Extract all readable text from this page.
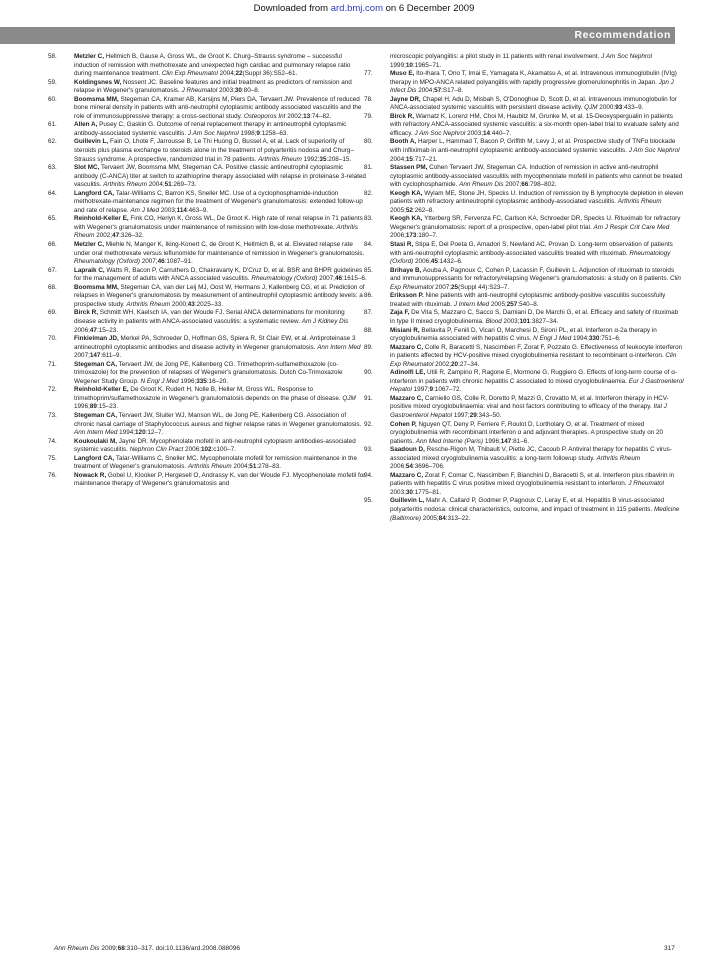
Downloaded from ard.bmj.com on 6 December 2009
Recommendation

58.	Metzler C, Hellmich B, Gause A, Gross WL, de Groot K. Churg–Strauss syndrome – successful induction of remission with methotrexate and unexpected high cardiac and pulmonary relapse ratio during maintenance treatment. Clin Exp Rheumatol 2004;22(Suppl 36):S52–61.

59.	Koldingsnes W, Nossent JC. Baseline features and initial treatment as predictors of remission and relapse in Wegener's granulomatosis. J Rheumatol 2003;30:80–8.

60.	Boomsma MM, Stegeman CA, Kramer AB, Karsijns M, Piers DA, Tervaert JW. Prevalence of reduced bone mineral density in patients with anti-neutrophil cytoplasmic antibody associated vasculitis and the role of immunosuppressive therapy: a cross-sectional study. Osteoporos Int 2002;13:74–82.

61.	Allen A, Pusey C, Gaskin G. Outcome of renal replacement therapy in antineutrophil cytoplasmic antibody-associated systemic vasculitis. J Am Soc Nephrol 1998;9:1258–63.

62.	Guillevin L, Fain O, Lhote F, Jarrousse B, Le Thi Huong D, Bussel A, et al. Lack of superiority of steroids plus plasma exchange to steroids alone in the treatment of polyarteritis nodosa and Churg–Strauss syndrome. A prospective, randomized trial in 78 patients. Arthritis Rheum 1992;35:208–15.

63.	Slot MC, Tervaert JW, Boomsma MM, Stegeman CA. Positive classic antineutrophil cytoplasmic antibody (C-ANCA) titer at switch to azathioprine therapy associated with relapse in proteinase 3-related vasculitis. Arthritis Rheum 2004;51:269–73.

64.	Langford CA, Talar-Williams C, Barron KS, Sneller MC. Use of a cyclophosphamide-induction methotrexate-maintenance regimen for the treatment of Wegener's granulomatosis: extended follow-up and rate of relapse. Am J Med 2003;114:463–9.

65.	Reinhold-Keller E, Fink CO, Herlyn K, Gross WL, De Groot K. High rate of renal relapse in 71 patients with Wegener's granulomatosis under maintenance of remission with low-dose methotrexate. Arthritis Rheum 2002;47:326–32.

66.	Metzler C, Miehle N, Manger K, Iking-Konert C, de Groot K, Hellmich B, et al. Elevated relapse rate under oral methotrexate versus leflunomide for maintenance of remission in Wegener's granulomatosis. Rheumatology (Oxford) 2007;46:1087–91.

67.	Lapraik C, Watts R, Bacon P, Carruthers D, Chakravarty K, D'Cruz D, et al. BSR and BHPR guidelines for the management of adults with ANCA associated vasculitis. Rheumatology (Oxford) 2007;46:1615–6.

68.	Boomsma MM, Stegeman CA, van der Leij MJ, Oost W, Hermans J, Kallenberg CG, et al. Prediction of relapses in Wegener's granulomatosis by measurement of antineutrophil cytoplasmic antibody levels: a prospective study. Arthritis Rheum 2000;43:2025–33.

69.	Birck R, Schmitt WH, Kaelsch IA, van der Woude FJ. Serial ANCA determinations for monitoring disease activity in patients with ANCA-associated vasculitis: a systematic review. Am J Kidney Dis 2006;47:15–23.

70.	Finkielman JD, Merkel PA, Schroeder D, Hoffman GS, Spiera R, St Clair EW, et al. Antiproteinase 3 antineutrophil cytoplasmic antibodies and disease activity in Wegener granulomatosis. Ann Intern Med 2007;147:611–9.

71.	Stegeman CA, Tervaert JW, de Jong PE, Kallenberg CG. Trimethoprim-sulfamethoxazole (co-trimoxazole) for the prevention of relapses of Wegener's granulomatosis. Dutch Co-Trimoxazole Wegener Study Group. N Engl J Med 1996;335:16–20.

72.	Reinhold-Keller E, De Groot K, Rudert H, Nolle B, Heller M, Gross WL. Response to trimethoprim/sulfamethoxazole in Wegener's granulomatosis depends on the phase of disease. QJM 1996;89:15–23.

73.	Stegeman CA, Tervaert JW, Sluiter WJ, Manson WL, de Jong PE, Kallenberg CG. Association of chronic nasal carriage of Staphylococcus aureus and higher relapse rates in Wegener granulomatosis. Ann Intern Med 1994;120:12–7.

74.	Koukoulaki M, Jayne DR. Mycophenolate mofetil in anti-neutrophil cytoplasm antibodies-associated systemic vasculitis. Nephron Clin Pract 2006;102:c100–7.

75.	Langford CA, Talar-Williams C, Sneller MC. Mycophenolate mofetil for remission maintenance in the treatment of Wegener's granulomatosis. Arthritis Rheum 2004;51:278–83.

76.	Nowack R, Gobel U, Klooker P, Hergesell O, Andrassy K, van der Woude FJ. Mycophenolate mofetil for maintenance therapy of Wegener's granulomatosis and

microscopic polyangiitis: a pilot study in 11 patients with renal involvement. J Am Soc Nephrol 1999;10:1965–71.

77.	Muso E, Ito-Ihara T, Ono T, Imai E, Yamagata K, Akamatsu A, et al. Intravenous immunoglobulin (IVIg) therapy in MPO-ANCA related polyangiitis with rapidly progressive glomerulonephritis in Japan. Jpn J Infect Dis 2004;57:S17–8.

78.	Jayne DR, Chapel H, Adu D, Misbah S, O'Donoghue D, Scott D, et al. Intravenous immunoglobulin for ANCA-associated systemic vasculitis with persistent disease activity. QJM 2000;93:433–9.

79.	Birck R, Warnatz K, Lorenz HM, Choi M, Haubitz M, Grunke M, et al. 15-Deoxyspergualin in patients with refractory ANCA-associated systemic vasculitis: a six-month open-label trial to evaluate safety and efficacy. J Am Soc Nephrol 2003;14:440–7.

80.	Booth A, Harper L, Hammad T, Bacon P, Griffith M, Levy J, et al. Prospective study of TNFα blockade with infliximab in anti-neutrophil cytoplasmic antibody-associated systemic vasculitis. J Am Soc Nephrol 2004;15:717–21.

81.	Stassen PM, Cohen Tervaert JW, Stegeman CA. Induction of remission in active anti-neutrophil cytoplasmic antibody-associated vasculitis with mycophenolate mofetil in patients who cannot be treated with cyclophosphamide. Ann Rheum Dis 2007;66:798–802.

82.	Keogh KA, Wylam ME, Stone JH, Specks U. Induction of remission by B lymphocyte depletion in eleven patients with refractory antineutrophil cytoplasmic antibody-associated vasculitis. Arthritis Rheum 2005;52:262–8.

83.	Keogh KA, Ytterberg SR, Fervenza FC, Carlson KA, Schroeder DR, Specks U. Rituximab for refractory Wegener's granulomatosis: report of a prospective, open-label pilot trial. Am J Respir Crit Care Med 2006;173:180–7.

84.	Stasi R, Stipa E, Del Poeta G, Amadori S, Newland AC, Provan D. Long-term observation of patients with anti-neutrophil cytoplasmic antibody-associated vasculitis treated with rituximab. Rheumatology (Oxford) 2006;45:1432–6.

85.	Brihaye B, Aouba A, Pagnoux C, Cohen P, Lacassin F, Guillevin L. Adjunction of rituximab to steroids and immunosuppressants for refractory/relapsing Wegener's granulomatosis: a study on 8 patients. Clin Exp Rheumatol 2007;25(Suppl 44):S23–7.

86.	Eriksson P. Nine patients with anti-neutrophil cytoplasmic antibody-positive vasculitis successfully treated with rituximab. J Intern Med 2005;257:540–8.

87.	Zaja F, De Vita S, Mazzaro C, Sacco S, Damiani D, De Marchi G, et al. Efficacy and safety of rituximab in type II mixed cryoglobulinemia. Blood 2003;101:3827–34.

88.	Misiani R, Bellavita P, Fenili D, Vicari O, Marchesi D, Sironi PL, et al. Interferon α-2a therapy in cryoglobulinemia associated with hepatitis C virus. N Engl J Med 1994;330:751–6.

89.	Mazzaro C, Colle R, Baracetti S, Nascimben F, Zorat F, Pozzato G. Effectiveness of leukocyte interferon in patients affected by HCV-positive mixed cryoglobulinemia resistant to recombinant α-interferon. Clin Exp Rheumatol 2002;20:27–34.

90.	Adinolfi LE, Utili R, Zampino R, Ragone E, Mormone G, Ruggiero G. Effects of long-term course of α-interferon in patients with chronic hepatitis C associated to mixed cryoglobulinaemia. Eur J Gastroenterol Hepatol 1997;9:1067–72.

91.	Mazzaro C, Carniello GS, Colle R, Doretto P, Mazzi G, Crovatto M, et al. Interferon therapy in HCV-positive mixed cryoglobulinaemia: viral and host factors contributing to efficacy of the therapy. Ital J Gastroenterol Hepatol 1997;29:343–50.

92.	Cohen P, Nguyen QT, Deny P, Ferriere F, Roulot D, Lortholary O, et al. Treatment of mixed cryoglobulinemia with recombinant interferon α and adjuvant therapies. A prospective study on 20 patients. Ann Med Interne (Paris) 1996;147:81–6.

93.	Saadoun D, Resche-Rigon M, Thibault V, Piette JC, Cacoub P. Antiviral therapy for hepatitis C virus-associated mixed cryoglobulinemia vasculitis: a long-term followup study. Arthritis Rheum 2006;54:3696–706.

94.	Mazzaro C, Zorat F, Comar C, Nascimben F, Bianchini D, Baracetti S, et al. Interferon plus ribavirin in patients with hepatitis C virus positive mixed cryoglobulinemia resistant to interferon. J Rheumatol 2003;30:1775–81.

95.	Guillevin L, Mahr A, Callard P, Godmer P, Pagnoux C, Leray E, et al. Hepatitis B virus-associated polyarteritis nodosa: clinical characteristics, outcome, and impact of treatment in 115 patients. Medicine (Baltimore) 2005;84:313–22.

Ann Rheum Dis 2009;68:310–317. doi:10.1136/ard.2008.088096	317
